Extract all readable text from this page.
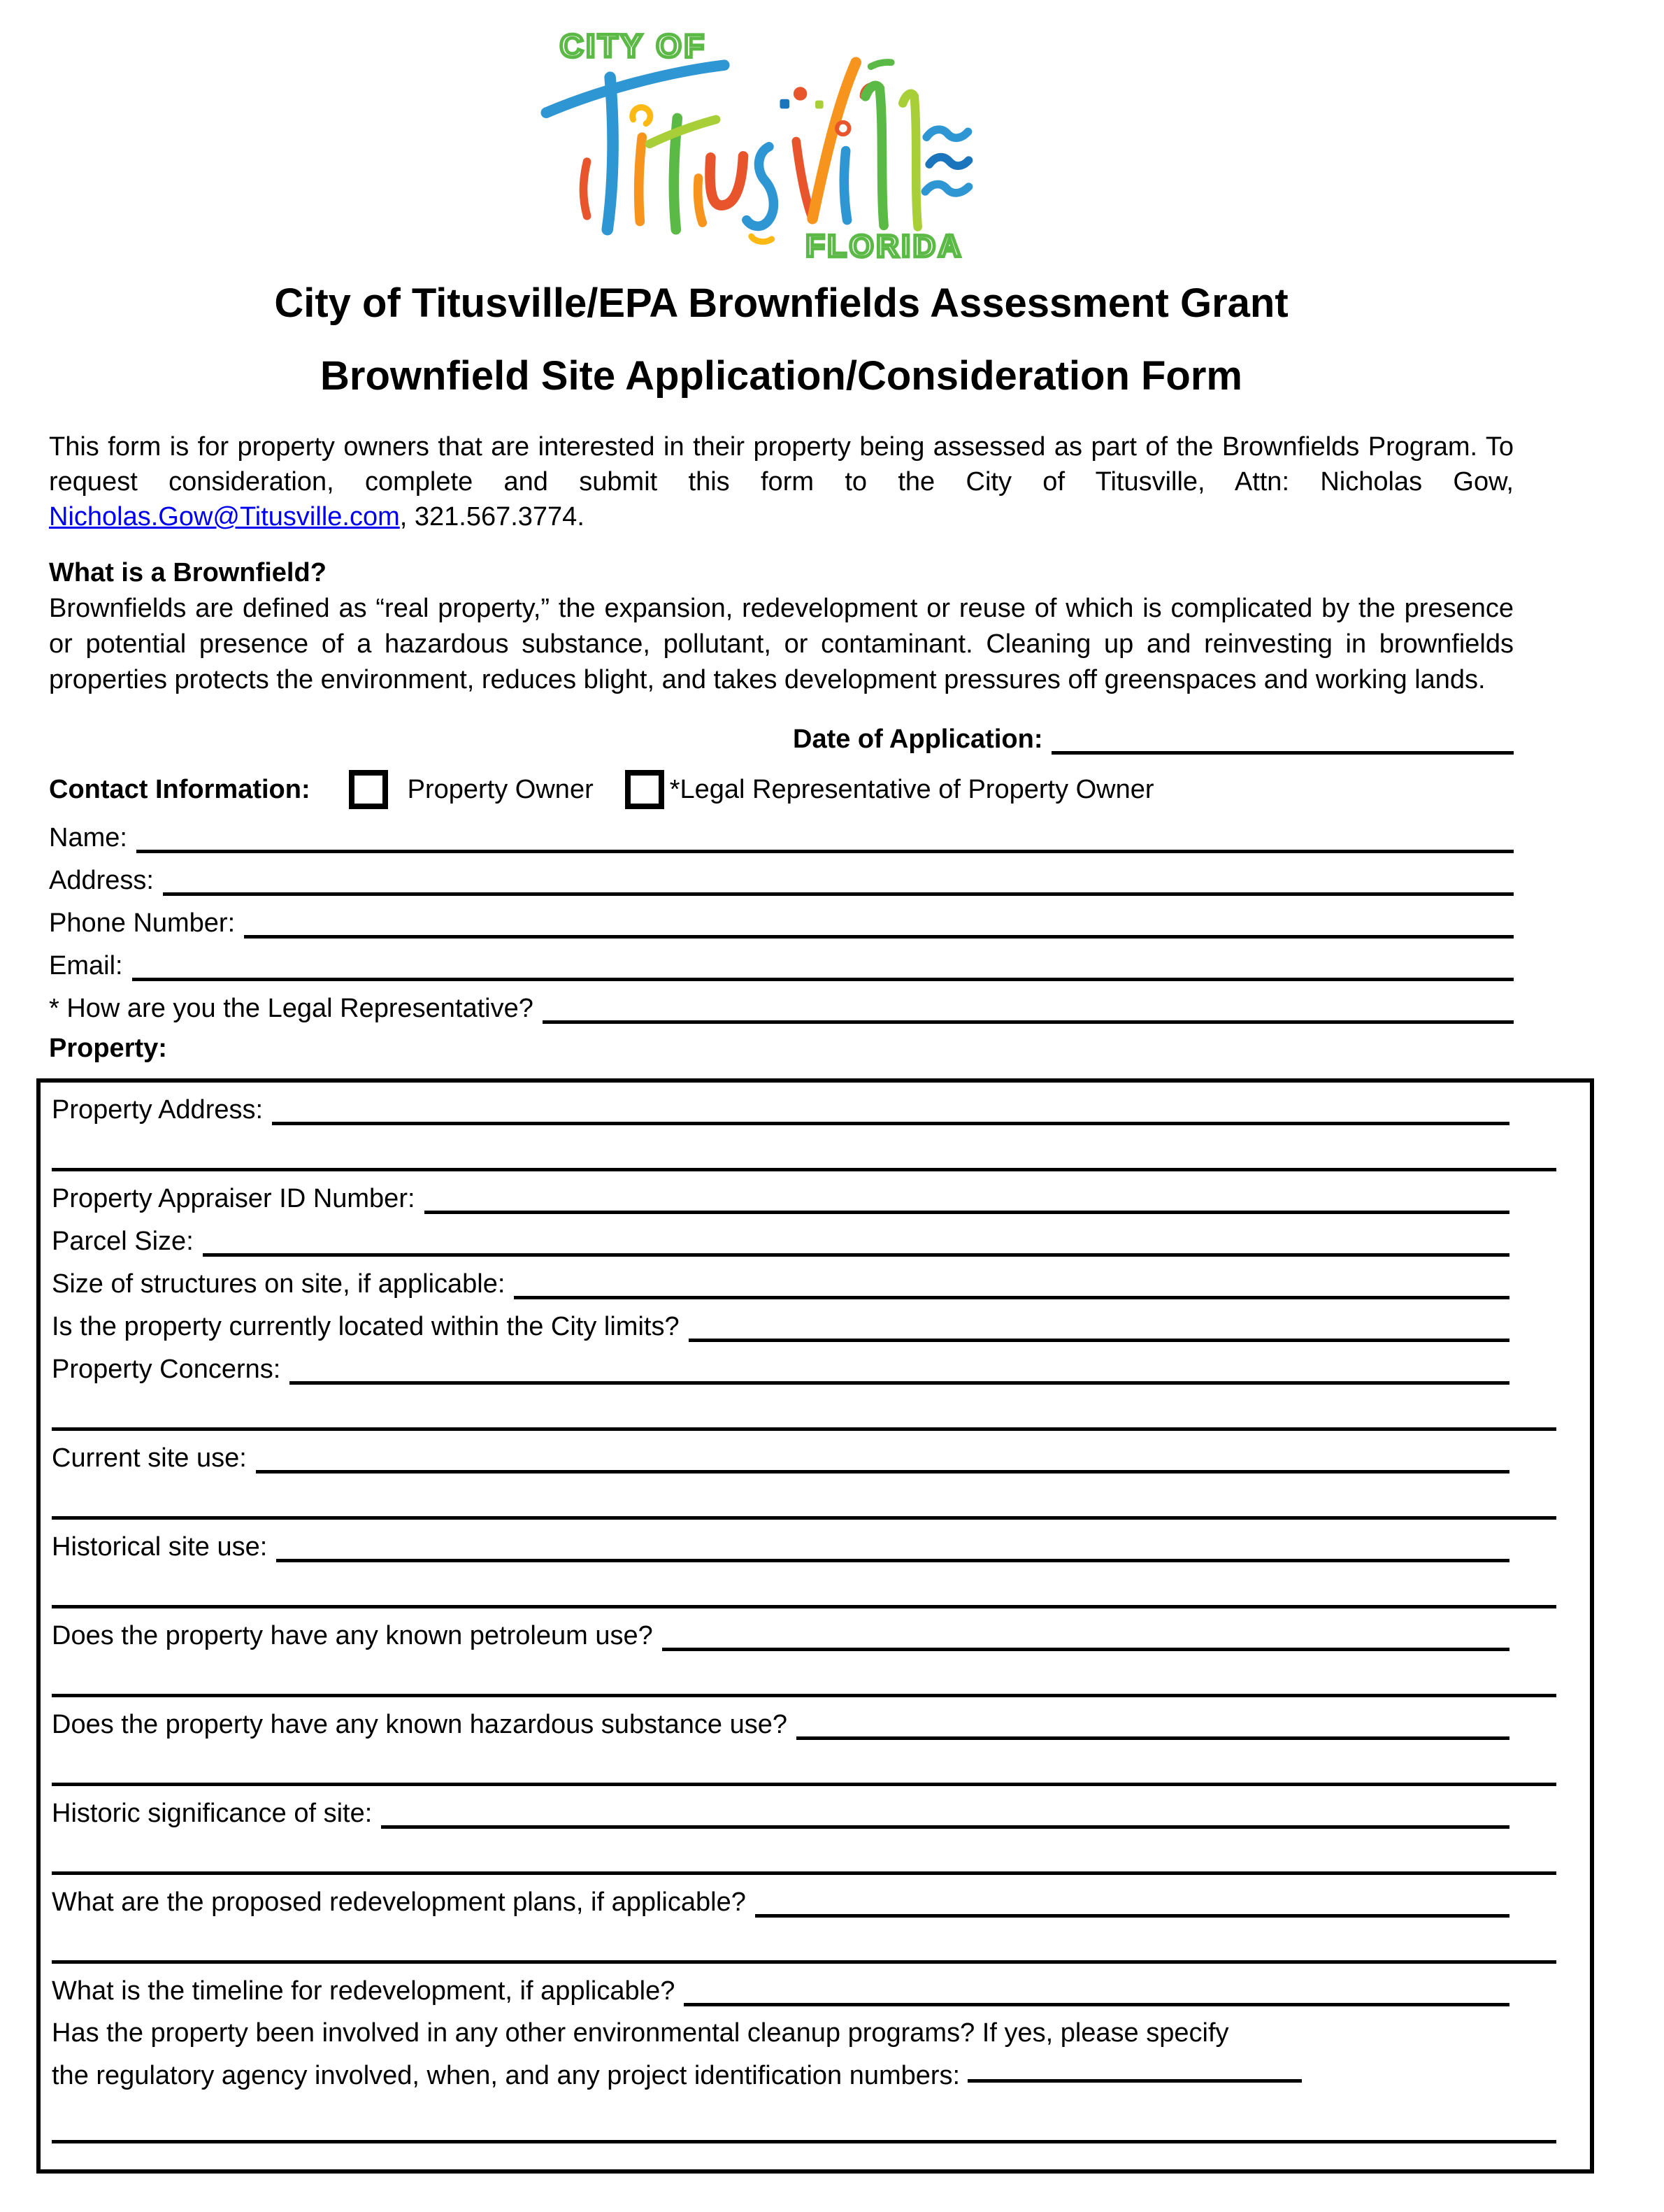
CITY OF
FLORIDA
City of Titusville/EPA Brownfields Assessment Grant
Brownfield Site Application/Consideration Form

This form is for property owners that are interested in their property being assessed as part of the Brownfields Program. To request consideration, complete and submit this form to the City of Titusville, Attn: Nicholas Gow, Nicholas.Gow@Titusville.com, 321.567.3774.

What is a Brownfield?

Brownfields are defined as “real property,” the expansion, redevelopment or reuse of which is complicated by the presence or potential presence of a hazardous substance, pollutant, or contaminant. Cleaning up and reinvesting in brownfields properties protects the environment, reduces blight, and takes development pressures off greenspaces and working lands.

Date of Application:
Contact Information:	Property Owner	*Legal Representative of Property Owner
Name:
Address:
Phone Number:
Email:
* How are you the Legal Representative?
Property:
Property Address:
Property Appraiser ID Number:
Parcel Size:
Size of structures on site, if applicable:
Is the property currently located within the City limits?
Property Concerns:
Current site use:
Historical site use:
Does the property have any known petroleum use?
Does the property have any known hazardous substance use?
Historic significance of site:
What are the proposed redevelopment plans, if applicable?
What is the timeline for redevelopment, if applicable?
Has the property been involved in any other environmental cleanup programs? If yes, please specify
the regulatory agency involved, when, and any project identification numbers:
